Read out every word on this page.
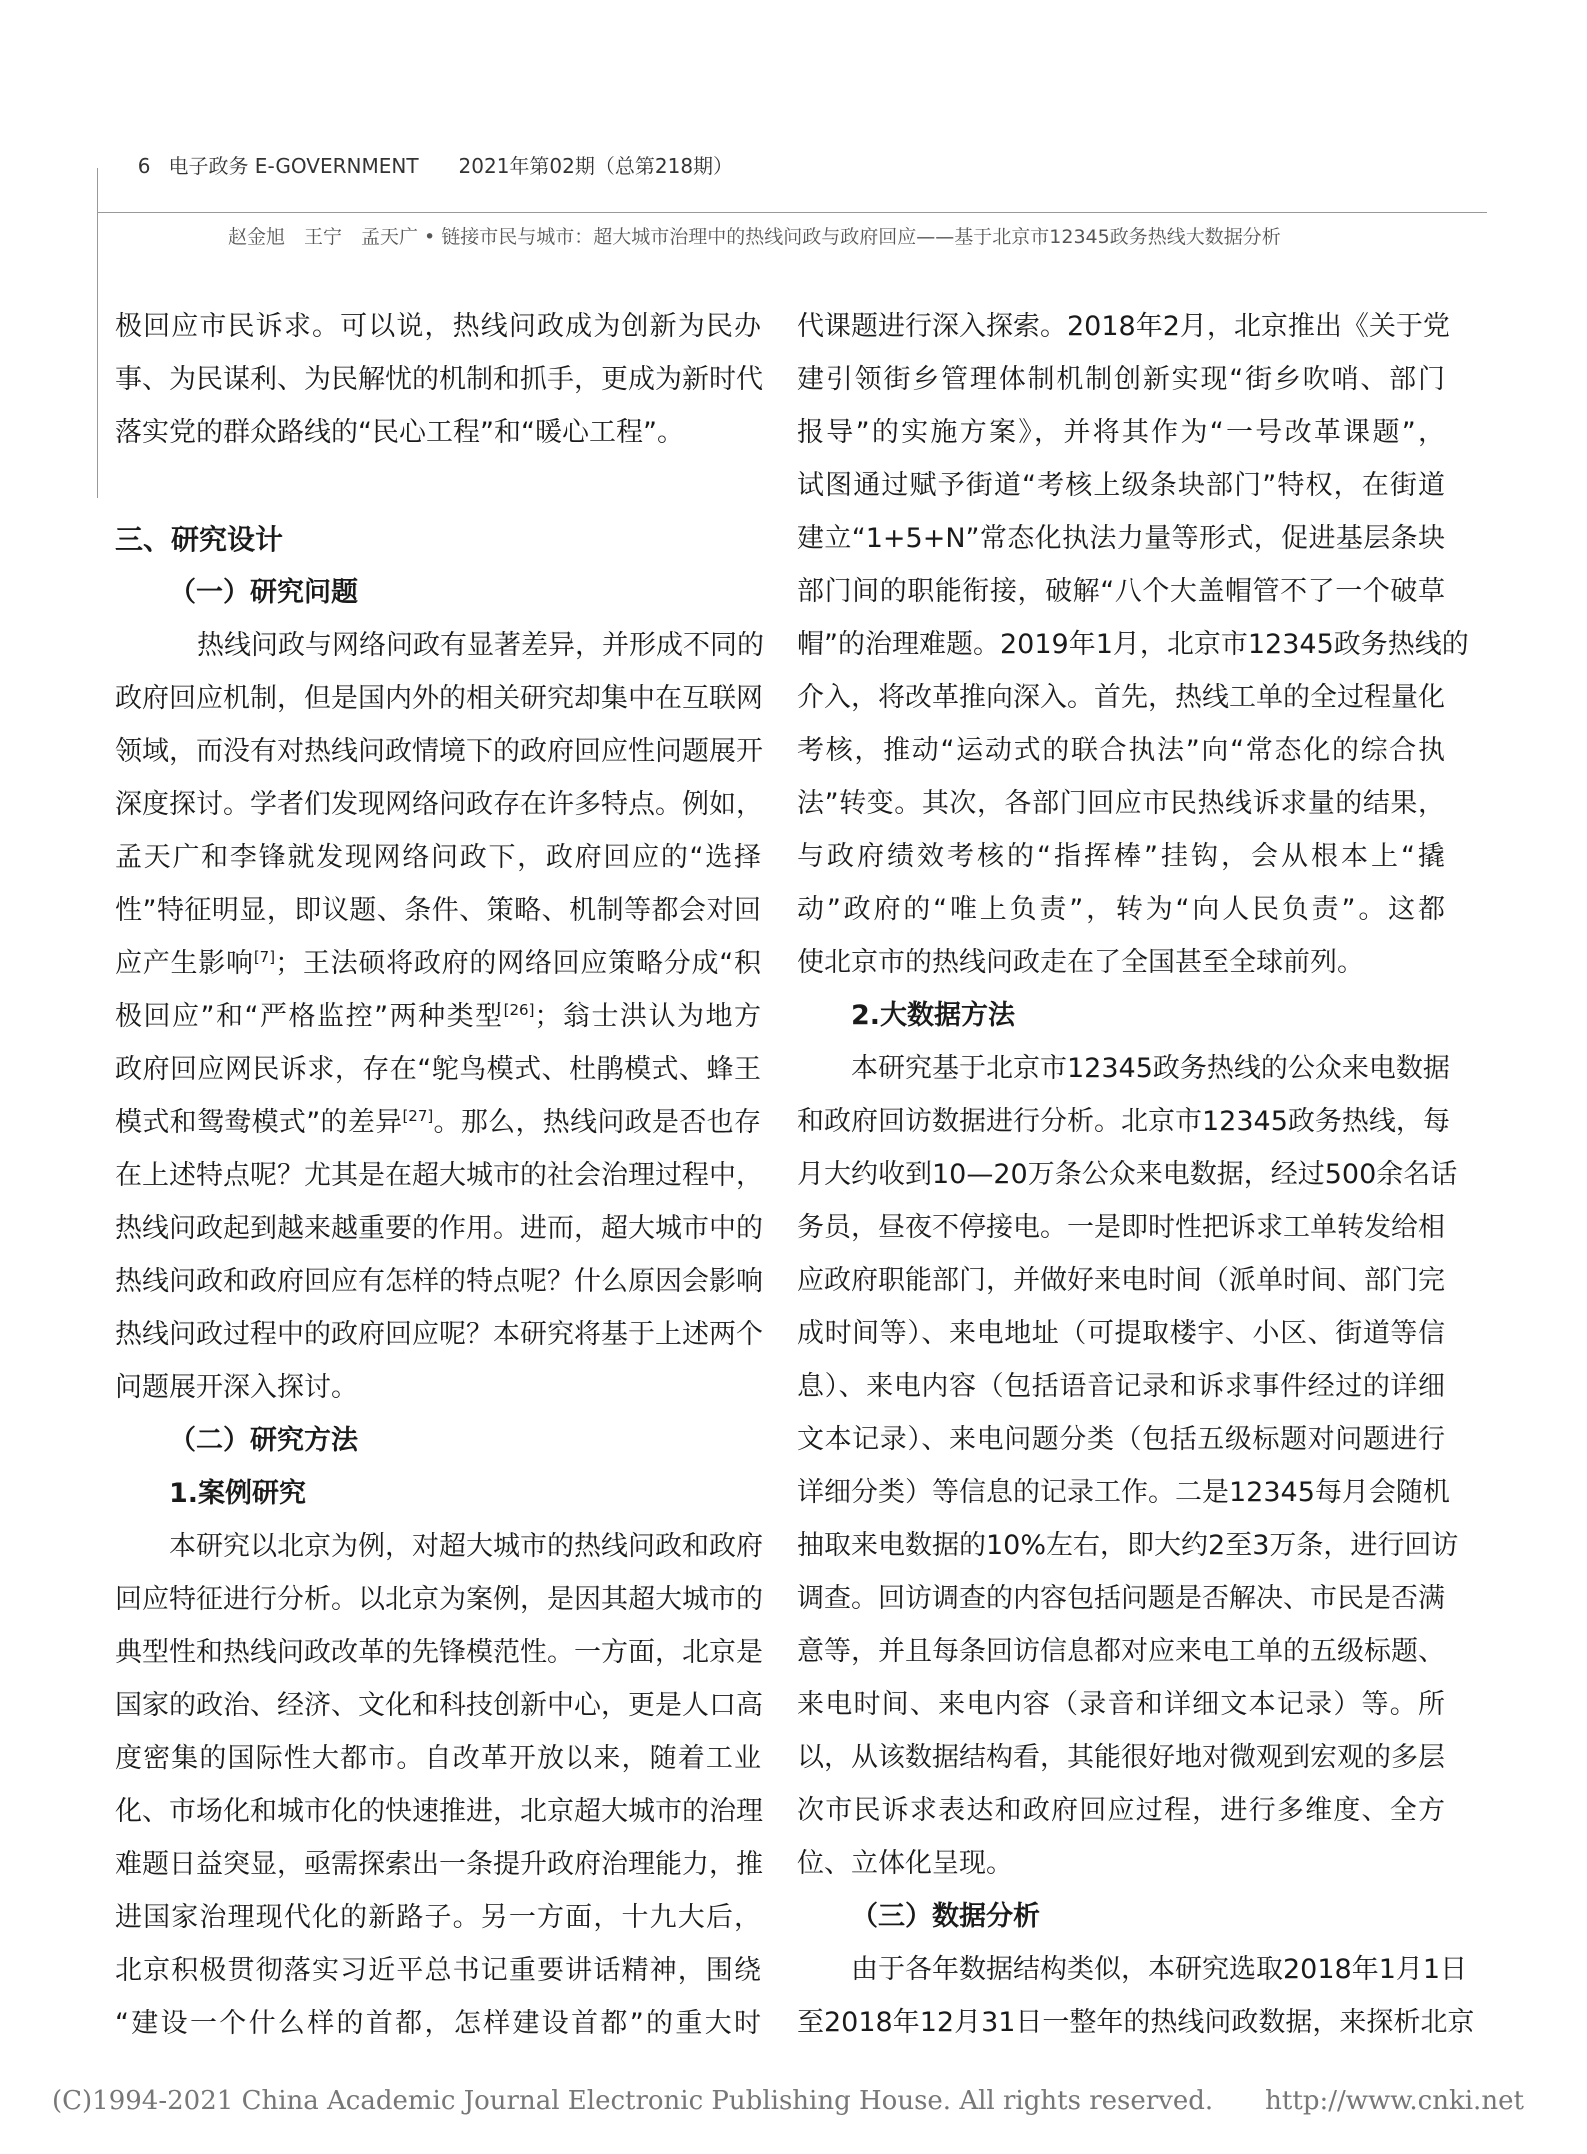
6 电子政务 E-GOVERNMENT　　 2021年第02期（总第218期）

赵金旭　王宁　孟天广 • 链接市民与城市：超大城市治理中的热线问政与政府回应——基于北京市12345政务热线大数据分析
极回应市民诉求。可以说，热线问政成为创新为民办
事、为民谋利、为民解忧的机制和抓手，更成为新时代
落实党的群众路线的“民心工程”和“暖心工程”。
三、研究设计
（一）研究问题
热线问政与网络问政有显著差异，并形成不同的
政府回应机制，但是国内外的相关研究却集中在互联网
领域，而没有对热线问政情境下的政府回应性问题展开
深度探讨。学者们发现网络问政存在许多特点。例如，
孟天广和李锋就发现网络问政下，政府回应的“选择
性”特征明显，即议题、条件、策略、机制等都会对回
应产生影响[7]；王法硕将政府的网络回应策略分成“积
极回应”和“严格监控”两种类型[26]；翁士洪认为地方
政府回应网民诉求，存在“鸵鸟模式、杜鹃模式、蜂王
模式和鸳鸯模式”的差异[27]。那么，热线问政是否也存
在上述特点呢？尤其是在超大城市的社会治理过程中，
热线问政起到越来越重要的作用。进而，超大城市中的
热线问政和政府回应有怎样的特点呢？什么原因会影响
热线问政过程中的政府回应呢？本研究将基于上述两个
问题展开深入探讨。
（二）研究方法
1.案例研究
本研究以北京为例，对超大城市的热线问政和政府
回应特征进行分析。以北京为案例，是因其超大城市的
典型性和热线问政改革的先锋模范性。一方面，北京是
国家的政治、经济、文化和科技创新中心，更是人口高
度密集的国际性大都市。自改革开放以来，随着工业
化、市场化和城市化的快速推进，北京超大城市的治理
难题日益突显，亟需探索出一条提升政府治理能力，推
进国家治理现代化的新路子。另一方面，十九大后，
北京积极贯彻落实习近平总书记重要讲话精神，围绕
“建设一个什么样的首都，怎样建设首都”的重大时
代课题进行深入探索。2018年2月，北京推出《关于党
建引领街乡管理体制机制创新实现“街乡吹哨、部门
报导”的实施方案》，并将其作为“一号改革课题”，
试图通过赋予街道“考核上级条块部门”特权，在街道
建立“1+5+N”常态化执法力量等形式，促进基层条块
部门间的职能衔接，破解“八个大盖帽管不了一个破草
帽”的治理难题。2019年1月，北京市12345政务热线的
介入，将改革推向深入。首先，热线工单的全过程量化
考核，推动“运动式的联合执法”向“常态化的综合执
法”转变。其次，各部门回应市民热线诉求量的结果，
与政府绩效考核的“指挥棒”挂钩，会从根本上“撬
动”政府的“唯上负责”，转为“向人民负责”。这都
使北京市的热线问政走在了全国甚至全球前列。
2.大数据方法
本研究基于北京市12345政务热线的公众来电数据
和政府回访数据进行分析。北京市12345政务热线，每
月大约收到10—20万条公众来电数据，经过500余名话
务员，昼夜不停接电。一是即时性把诉求工单转发给相
应政府职能部门，并做好来电时间（派单时间、部门完
成时间等）、来电地址（可提取楼宇、小区、街道等信
息）、来电内容（包括语音记录和诉求事件经过的详细
文本记录）、来电问题分类（包括五级标题对问题进行
详细分类）等信息的记录工作。二是12345每月会随机
抽取来电数据的10%左右，即大约2至3万条，进行回访
调查。回访调查的内容包括问题是否解决、市民是否满
意等，并且每条回访信息都对应来电工单的五级标题、
来电时间、来电内容（录音和详细文本记录）等。所
以，从该数据结构看，其能很好地对微观到宏观的多层
次市民诉求表达和政府回应过程，进行多维度、全方
位、立体化呈现。
（三）数据分析
由于各年数据结构类似，本研究选取2018年1月1日
至2018年12月31日一整年的热线问政数据，来探析北京
(C)1994-2021 China Academic Journal Electronic Publishing House. All rights reserved.　　 http://www.cnki.net
